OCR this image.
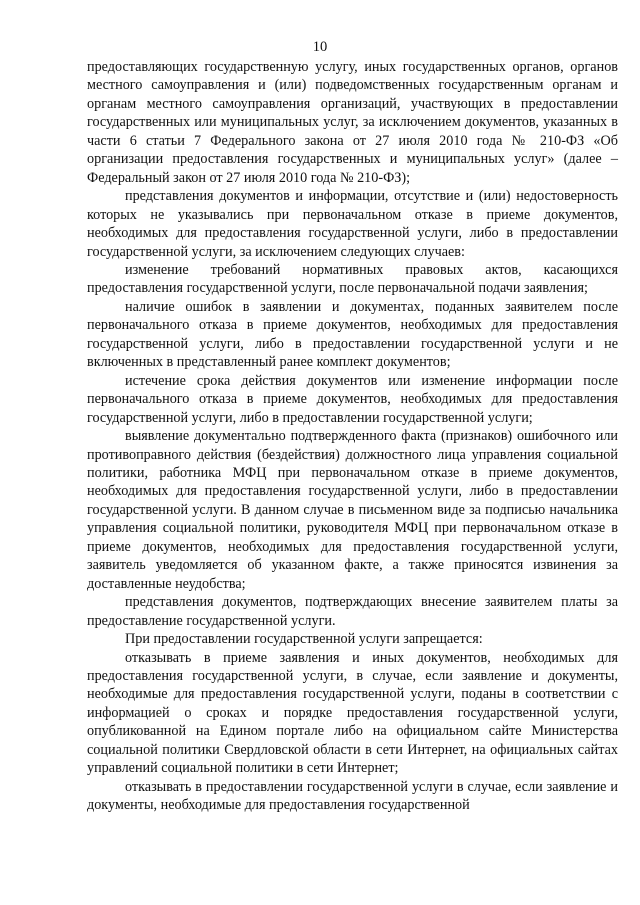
10

предоставляющих государственную услугу, иных государственных органов, органов местного самоуправления и (или) подведомственных государственным органам и органам местного самоуправления организаций, участвующих в предоставлении государственных или муниципальных услуг, за исключением документов, указанных в части 6 статьи 7 Федерального закона от 27 июля 2010 года № 210-ФЗ «Об организации предоставления государственных и муниципальных услуг» (далее – Федеральный закон от 27 июля 2010 года № 210-ФЗ);

представления документов и информации, отсутствие и (или) недостоверность которых не указывались при первоначальном отказе в приеме документов, необходимых для предоставления государственной услуги, либо в предоставлении государственной услуги, за исключением следующих случаев:

изменение требований нормативных правовых актов, касающихся предоставления государственной услуги, после первоначальной подачи заявления;

наличие ошибок в заявлении и документах, поданных заявителем после первоначального отказа в приеме документов, необходимых для предоставления государственной услуги, либо в предоставлении государственной услуги и не включенных в представленный ранее комплект документов;

истечение срока действия документов или изменение информации после первоначального отказа в приеме документов, необходимых для предоставления государственной услуги, либо в предоставлении государственной услуги;

выявление документально подтвержденного факта (признаков) ошибочного или противоправного действия (бездействия) должностного лица управления социальной политики, работника МФЦ при первоначальном отказе в приеме документов, необходимых для предоставления государственной услуги, либо в предоставлении государственной услуги. В данном случае в письменном виде за подписью начальника управления социальной политики, руководителя МФЦ при первоначальном отказе в приеме документов, необходимых для предоставления государственной услуги, заявитель уведомляется об указанном факте, а также приносятся извинения за доставленные неудобства;

представления документов, подтверждающих внесение заявителем платы за предоставление государственной услуги.

При предоставлении государственной услуги запрещается:

отказывать в приеме заявления и иных документов, необходимых для предоставления государственной услуги, в случае, если заявление и документы, необходимые для предоставления государственной услуги, поданы в соответствии с информацией о сроках и порядке предоставления государственной услуги, опубликованной на Едином портале либо на официальном сайте Министерства социальной политики Свердловской области в сети Интернет, на официальных сайтах управлений социальной политики в сети Интернет;

отказывать в предоставлении государственной услуги в случае, если заявление и документы, необходимые для предоставления государственной
